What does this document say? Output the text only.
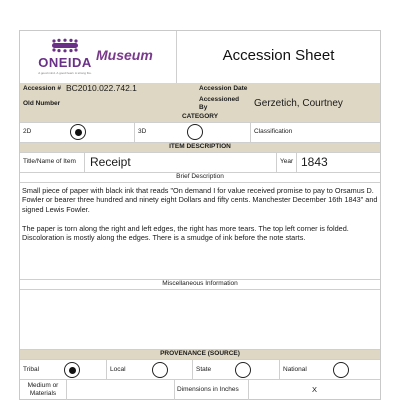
ONEIDA
A good mind. A good heart. A strong fire.
Museum	Accession Sheet
Accession # BC2010.022.742.1	Accession Date
Old Number
Accessioned By	Gerzetich, Courtney
CATEGORY
2D	3D	Classification
ITEM DESCRIPTION
Title/Name of Item Receipt	Year 1843
Brief Description
Small piece of paper with black ink that reads "On demand I for value received promise to pay to Orsamus D. Fowler or bearer three hundred and ninety eight Dollars and fifty cents. Manchester December 16th 1843" and signed Lewis Fowler.
The paper is torn along the right and left edges, the right has more tears. The top left corner is folded. Discoloration is mostly along the edges. There is a smudge of ink before the note starts.
Miscellaneous Information
PROVENANCE (SOURCE)
Tribal	Local	State	National
Medium or Materials	Dimensions in Inches	X
